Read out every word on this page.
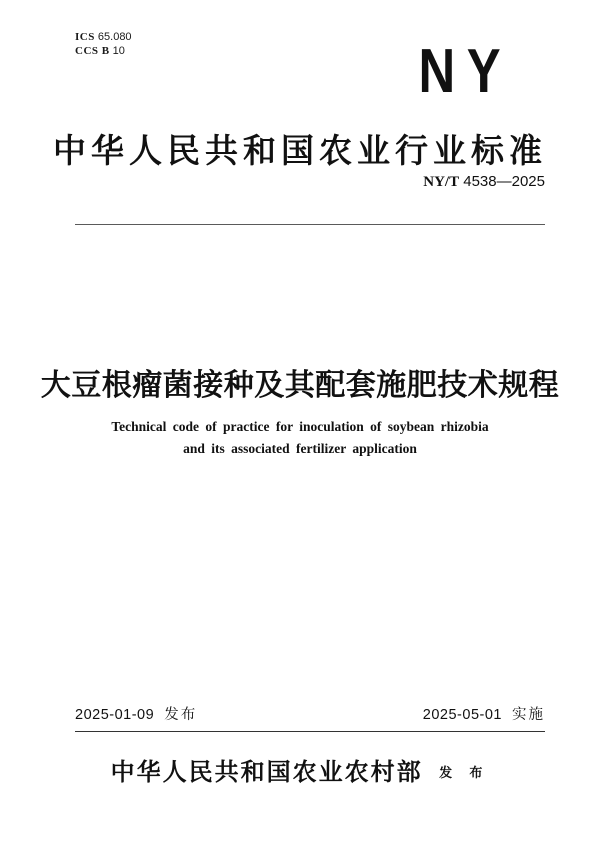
ICS 65.080
CCS B 10	NY
中华人民共和国农业行业标准
NY/T 4538—2025
大豆根瘤菌接种及其配套施肥技术规程
Technical code of practice for inoculation of soybean rhizobia
and its associated fertilizer application
2025-01-09 发布	2025-05-01 实施
中华人民共和国农业农村部 发 布
